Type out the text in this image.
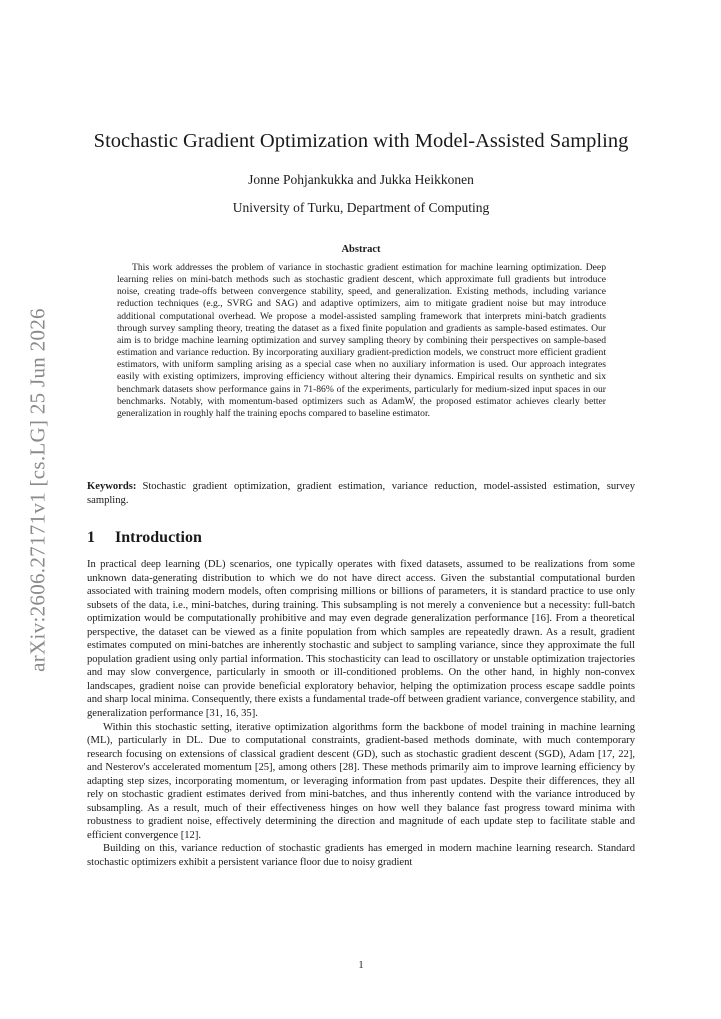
arXiv:2606.27171v1 [cs.LG] 25 Jun 2026
Stochastic Gradient Optimization with Model-Assisted Sampling
Jonne Pohjankukka and Jukka Heikkonen
University of Turku, Department of Computing
Abstract
This work addresses the problem of variance in stochastic gradient estimation for machine learning optimization. Deep learning relies on mini-batch methods such as stochastic gradient descent, which approximate full gradients but introduce noise, creating trade-offs between convergence stability, speed, and generalization. Existing methods, including variance reduction techniques (e.g., SVRG and SAG) and adaptive optimizers, aim to mitigate gradient noise but may introduce additional computational overhead. We propose a model-assisted sampling framework that interprets mini-batch gradients through survey sampling theory, treating the dataset as a fixed finite population and gradients as sample-based estimates. Our aim is to bridge machine learning optimization and survey sampling theory by combining their perspectives on sample-based estimation and variance reduction. By incorporating auxiliary gradient-prediction models, we construct more efficient gradient estimators, with uniform sampling arising as a special case when no auxiliary information is used. Our approach integrates easily with existing optimizers, improving efficiency without altering their dynamics. Empirical results on synthetic and six benchmark datasets show performance gains in 71-86% of the experiments, particularly for medium-sized input spaces in our benchmarks. Notably, with momentum-based optimizers such as AdamW, the proposed estimator achieves clearly better generalization in roughly half the training epochs compared to baseline estimator.
Keywords: Stochastic gradient optimization, gradient estimation, variance reduction, model-assisted estimation, survey sampling.
1 Introduction

In practical deep learning (DL) scenarios, one typically operates with fixed datasets, assumed to be realizations from some unknown data-generating distribution to which we do not have direct access. Given the substantial computational burden associated with training modern models, often comprising millions or billions of parameters, it is standard practice to use only subsets of the data, i.e., mini-batches, during training. This subsampling is not merely a convenience but a necessity: full-batch optimization would be computationally prohibitive and may even degrade generalization performance [16]. From a theoretical perspective, the dataset can be viewed as a finite population from which samples are repeatedly drawn. As a result, gradient estimates computed on mini-batches are inherently stochastic and subject to sampling variance, since they approximate the full population gradient using only partial information. This stochasticity can lead to oscillatory or unstable optimization trajectories and may slow convergence, particularly in smooth or ill-conditioned problems. On the other hand, in highly non-convex landscapes, gradient noise can provide beneficial exploratory behavior, helping the optimization process escape saddle points and sharp local minima. Consequently, there exists a fundamental trade-off between gradient variance, convergence stability, and generalization performance [31, 16, 35].

Within this stochastic setting, iterative optimization algorithms form the backbone of model training in machine learning (ML), particularly in DL. Due to computational constraints, gradient-based methods dominate, with much contemporary research focusing on extensions of classical gradient descent (GD), such as stochastic gradient descent (SGD), Adam [17, 22], and Nesterov's accelerated momentum [25], among others [28]. These methods primarily aim to improve learning efficiency by adapting step sizes, incorporating momentum, or leveraging information from past updates. Despite their differences, they all rely on stochastic gradient estimates derived from mini-batches, and thus inherently contend with the variance introduced by subsampling. As a result, much of their effectiveness hinges on how well they balance fast progress toward minima with robustness to gradient noise, effectively determining the direction and magnitude of each update step to facilitate stable and efficient convergence [12].

Building on this, variance reduction of stochastic gradients has emerged in modern machine learning research. Standard stochastic optimizers exhibit a persistent variance floor due to noisy gradient

1
